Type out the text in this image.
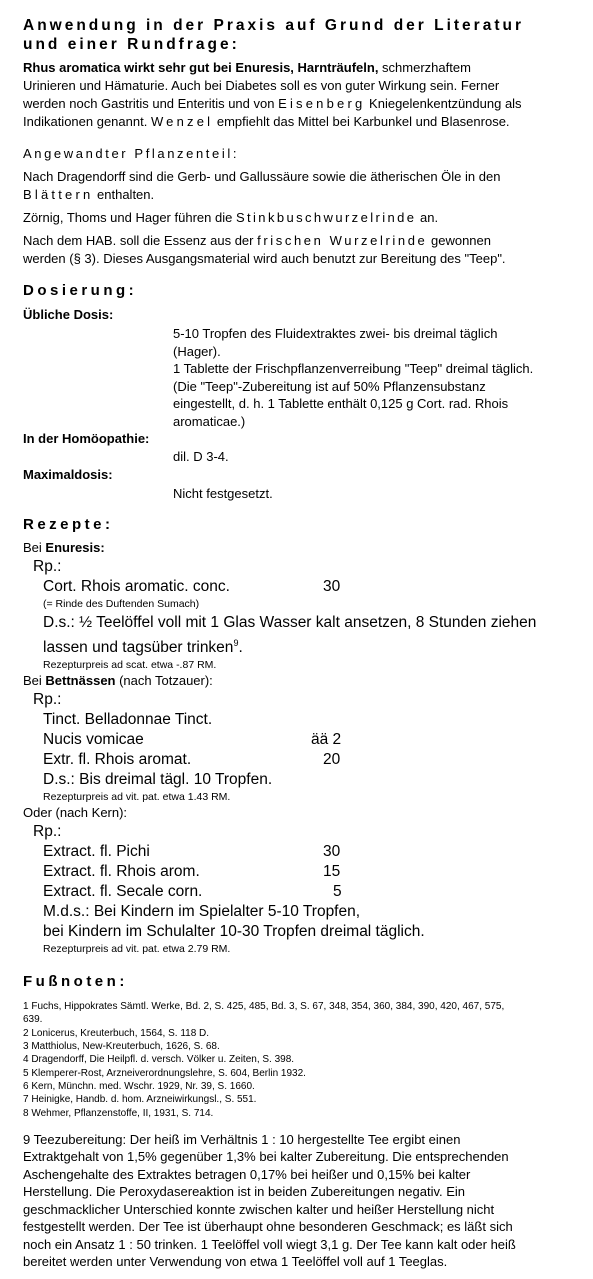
Anwendung in der Praxis auf Grund der Literatur
und einer Rundfrage:
Rhus aromatica wirkt sehr gut bei Enuresis, Harnträufeln, schmerzhaftem
Urinieren und Hämaturie. Auch bei Diabetes soll es von guter Wirkung sein. Ferner
werden noch Gastritis und Enteritis und von Eisenberg Kniegelenkentzündung als
Indikationen genannt. Wenzel empfiehlt das Mittel bei Karbunkel und Blasenrose.
Angewandter Pflanzenteil:
Nach Dragendorff sind die Gerb- und Gallussäure sowie die ätherischen Öle in den
Blättern enthalten.
Zörnig, Thoms und Hager führen die Stinkbuschwurzelrinde an.
Nach dem HAB. soll die Essenz aus der frischen Wurzelrinde gewonnen
werden (§ 3). Dieses Ausgangsmaterial wird auch benutzt zur Bereitung des "Teep".
Dosierung:
Übliche Dosis:
5-10 Tropfen des Fluidextraktes zwei- bis dreimal täglich
(Hager).
1 Tablette der Frischpflanzenverreibung "Teep" dreimal täglich.
(Die "Teep"-Zubereitung ist auf 50% Pflanzensubstanz
eingestellt, d. h. 1 Tablette enthält 0,125 g Cort. rad. Rhois
aromaticae.)
In der Homöopathie:
dil. D 3-4.
Maximaldosis:
Nicht festgesetzt.
Rezepte:
Bei Enuresis:
Rp.:
Cort. Rhois aromatic. conc.	30
(= Rinde des Duftenden Sumach)
D.s.: ½ Teelöffel voll mit 1 Glas Wasser kalt ansetzen, 8 Stunden ziehen
lassen und tagsüber trinken$^9$.
Rezepturpreis ad scat. etwa -.87 RM.
Bei Bettnässen (nach Totzauer):
Rp.:
Tinct. Belladonnae Tinct.
Nucis vomicae	ää 2
Extr. fl. Rhois aromat.	20
D.s.: Bis dreimal tägl. 10 Tropfen.
Rezepturpreis ad vit. pat. etwa 1.43 RM.
Oder (nach Kern):
Rp.:
Extract. fl. Pichi	30
Extract. fl. Rhois arom.	15
Extract. fl. Secale corn.	5
M.d.s.: Bei Kindern im Spielalter 5-10 Tropfen,
bei Kindern im Schulalter 10-30 Tropfen dreimal täglich.
Rezepturpreis ad vit. pat. etwa 2.79 RM.
Fußnoten:
1 Fuchs, Hippokrates Sämtl. Werke, Bd. 2, S. 425, 485, Bd. 3, S. 67, 348, 354, 360, 384, 390, 420, 467, 575,
639.
2 Lonicerus, Kreuterbuch, 1564, S. 118 D.
3 Matthiolus, New-Kreuterbuch, 1626, S. 68.
4 Dragendorff, Die Heilpfl. d. versch. Völker u. Zeiten, S. 398.
5 Klemperer-Rost, Arzneiverordnungslehre, S. 604, Berlin 1932.
6 Kern, Münchn. med. Wschr. 1929, Nr. 39, S. 1660.
7 Heinigke, Handb. d. hom. Arzneiwirkungsl., S. 551.
8 Wehmer, Pflanzenstoffe, II, 1931, S. 714.
9 Teezubereitung: Der heiß im Verhältnis 1 : 10 hergestellte Tee ergibt einen
Extraktgehalt von 1,5% gegenüber 1,3% bei kalter Zubereitung. Die entsprechenden
Aschengehalte des Extraktes betragen 0,17% bei heißer und 0,15% bei kalter
Herstellung. Die Peroxydasereaktion ist in beiden Zubereitungen negativ. Ein
geschmacklicher Unterschied konnte zwischen kalter und heißer Herstellung nicht
festgestellt werden. Der Tee ist überhaupt ohne besonderen Geschmack; es läßt sich
noch ein Ansatz 1 : 50 trinken. 1 Teelöffel voll wiegt 3,1 g. Der Tee kann kalt oder heiß
bereitet werden unter Verwendung von etwa 1 Teelöffel voll auf 1 Teeglas.
